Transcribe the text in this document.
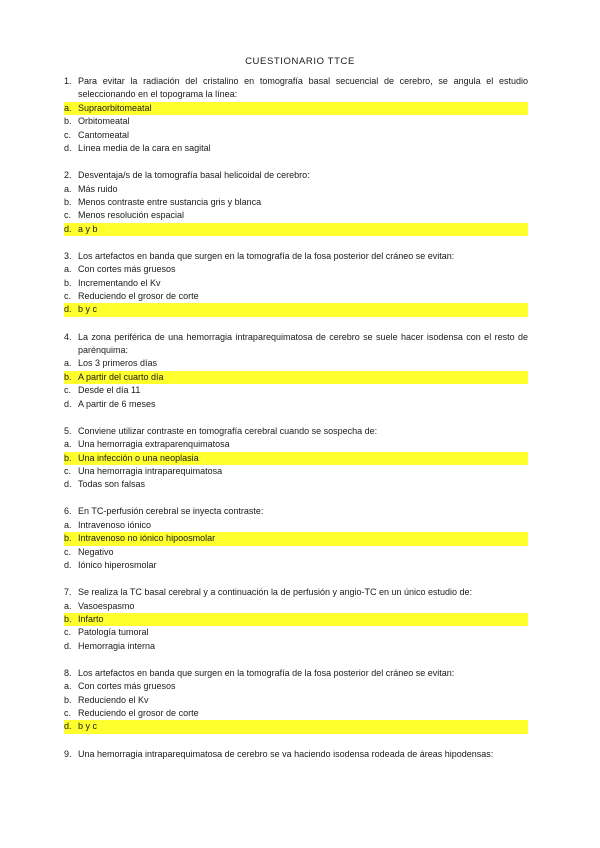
CUESTIONARIO TTCE
1. Para evitar la radiación del cristalino en tomografía basal secuencial de cerebro, se angula el estudio seleccionando en el topograma la línea:
a. Supraorbitomeatal
b. Orbitomeatal
c. Cantomeatal
d. Línea media de la cara en sagital
2. Desventaja/s de la tomografía basal helicoidal de cerebro:
a. Más ruido
b. Menos contraste entre sustancia gris y blanca
c. Menos resolución espacial
d. a y b
3. Los artefactos en banda que surgen en la tomografía de la fosa posterior del cráneo se evitan:
a. Con cortes más gruesos
b. Incrementando el Kv
c. Reduciendo el grosor de corte
d. b y c
4. La zona periférica de una hemorragia intraparequimatosa de cerebro se suele hacer isodensa con el resto de parénquima:
a. Los 3 primeros días
b. A partir del cuarto día
c. Desde el día 11
d. A partir de 6 meses
5. Conviene utilizar contraste en tomografía cerebral cuando se sospecha de:
a. Una hemorragia extraparenquimatosa
b. Una infección o una neoplasia
c. Una hemorragia intraparequimatosa
d. Todas son falsas
6. En TC-perfusión cerebral se inyecta contraste:
a. Intravenoso iónico
b. Intravenoso no iónico hipoosmolar
c. Negativo
d. Iónico hiperosmolar
7. Se realiza la TC basal cerebral y a continuación la de perfusión y angio-TC en un único estudio de:
a. Vasoespasmo
b. Infarto
c. Patología tumoral
d. Hemorragia interna
8. Los artefactos en banda que surgen en la tomografía de la fosa posterior del cráneo se evitan:
a. Con cortes más gruesos
b. Reduciendo el Kv
c. Reduciendo el grosor de corte
d. b y c
9. Una hemorragia intraparequimatosa de cerebro se va haciendo isodensa rodeada de áreas hipodensas:
